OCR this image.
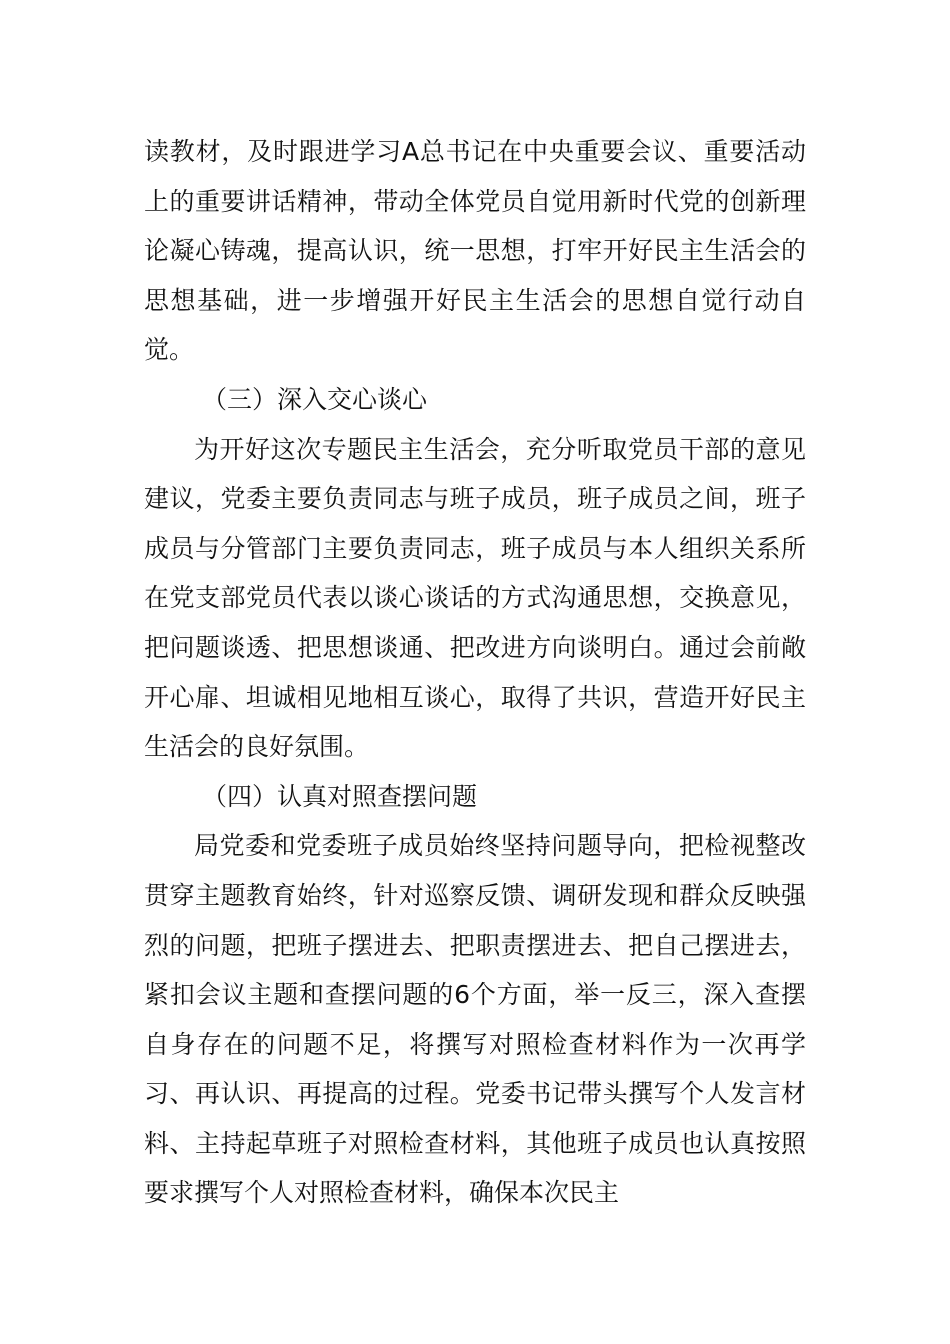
读教材，及时跟进学习A总书记在中央重要会议、重要活动上的重要讲话精神，带动全体党员自觉用新时代党的创新理论凝心铸魂，提高认识，统一思想，打牢开好民主生活会的思想基础，进一步增强开好民主生活会的思想自觉行动自觉。

（三）深入交心谈心

为开好这次专题民主生活会，充分听取党员干部的意见建议，党委主要负责同志与班子成员，班子成员之间，班子成员与分管部门主要负责同志，班子成员与本人组织关系所在党支部党员代表以谈心谈话的方式沟通思想，交换意见，把问题谈透、把思想谈通、把改进方向谈明白。通过会前敞开心扉、坦诚相见地相互谈心，取得了共识，营造开好民主生活会的良好氛围。

（四）认真对照查摆问题

局党委和党委班子成员始终坚持问题导向，把检视整改贯穿主题教育始终，针对巡察反馈、调研发现和群众反映强烈的问题，把班子摆进去、把职责摆进去、把自己摆进去，紧扣会议主题和查摆问题的6个方面，举一反三，深入查摆自身存在的问题不足，将撰写对照检查材料作为一次再学习、再认识、再提高的过程。党委书记带头撰写个人发言材料、主持起草班子对照检查材料，其他班子成员也认真按照要求撰写个人对照检查材料，确保本次民主
